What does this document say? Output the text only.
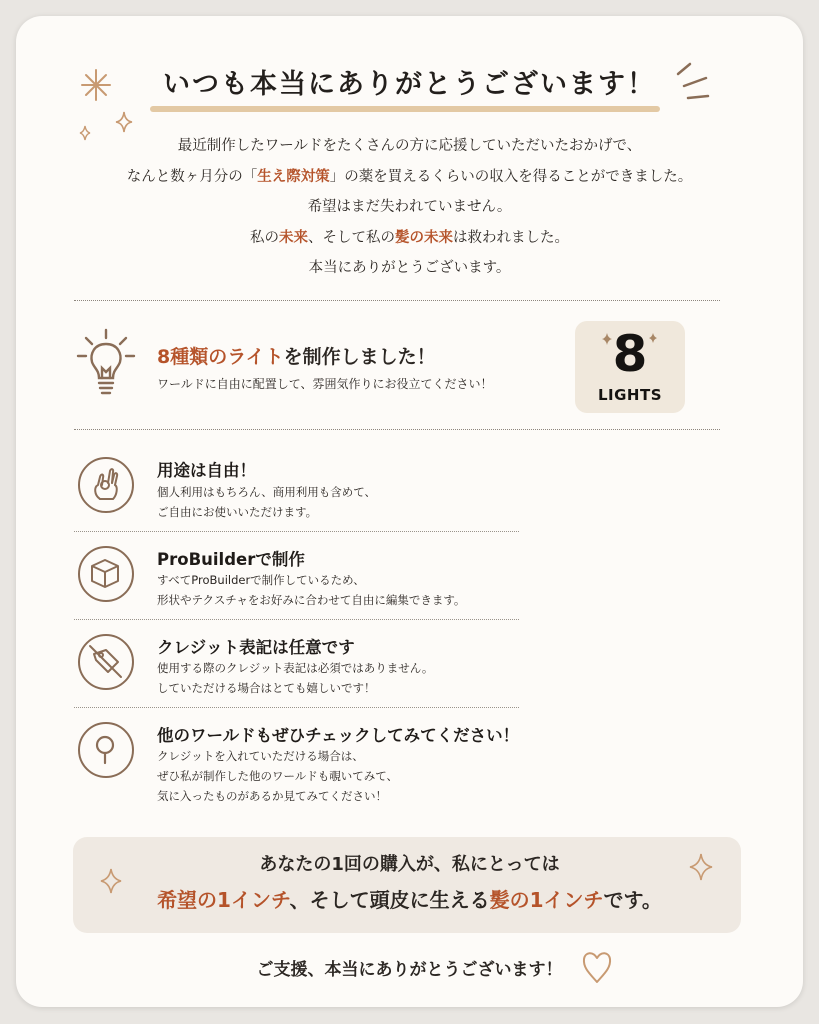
いつも本当にありがとうございます！
最近制作したワールドをたくさんの方に応援していただいたおかげで、
なんと数ヶ月分の「生え際対策」の薬を買えるくらいの収入を得ることができました。
希望はまだ失われていません。
私の未来、そして私の髪の未来は救われました。
本当にありがとうございます。
8種類のライトを制作しました！
ワールドに自由に配置して、雰囲気作りにお役立てください！
8
LIGHTS
用途は自由！
個人利用はもちろん、商用利用も含めて、
ご自由にお使いいただけます。
ProBuilderで制作
すべてProBuilderで制作しているため、
形状やテクスチャをお好みに合わせて自由に編集できます。
クレジット表記は任意です
使用する際のクレジット表記は必須ではありません。
していただける場合はとても嬉しいです！
他のワールドもぜひチェックしてみてください！
クレジットを入れていただける場合は、
ぜひ私が制作した他のワールドも覗いてみて、
気に入ったものがあるか見てみてください！
あなたの1回の購入が、私にとっては
希望の1インチ、そして頭皮に生える髪の1インチです。
ご支援、本当にありがとうございます！
